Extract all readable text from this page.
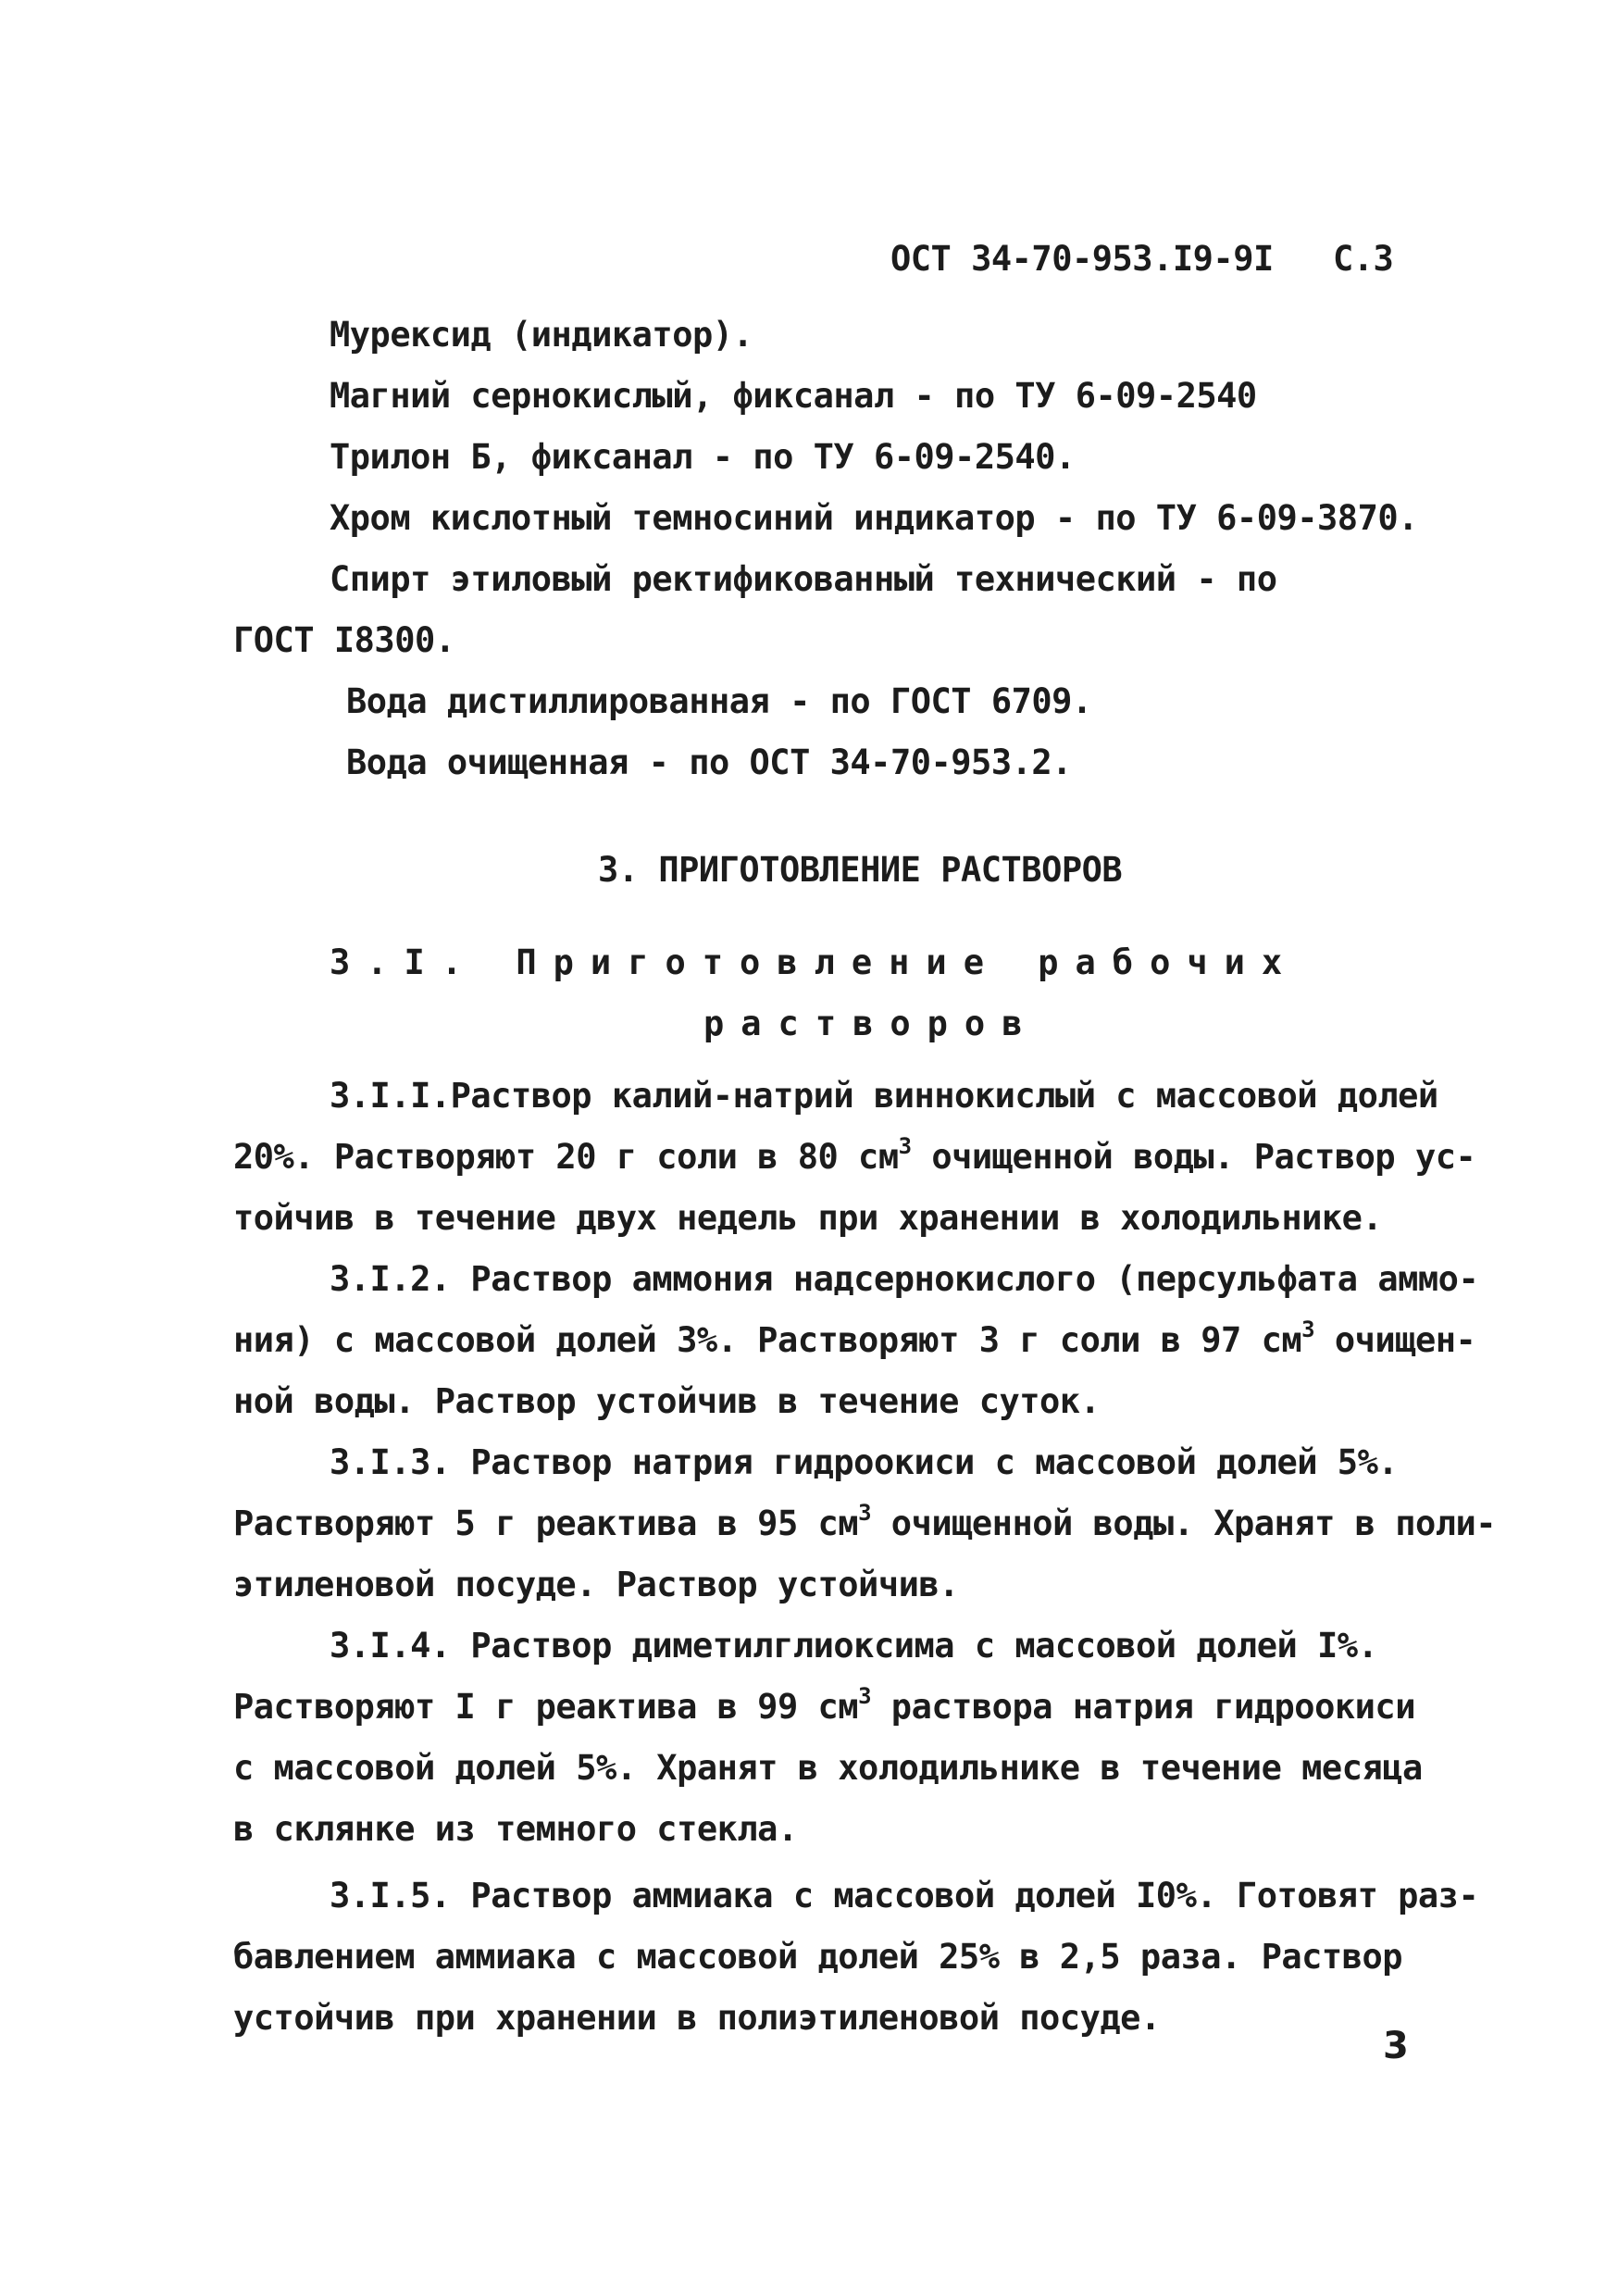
ОСТ 34-70-953.I9-9I С.3
Мурексид (индикатор).
Магний сернокислый, фиксанал - по ТУ 6-09-2540
Трилон Б, фиксанал - по ТУ 6-09-2540.
Хром кислотный темносиний индикатор - по ТУ 6-09-3870.
Спирт этиловый ректификованный технический - по
ГОСТ I8300.
Вода дистиллированная - по ГОСТ 6709.
Вода очищенная - по ОСТ 34-70-953.2.
3. ПРИГОТОВЛЕНИЕ РАСТВОРОВ
3.I. Приготовление рабочих
растворов
3.I.I.Раствор калий-натрий виннокислый с массовой долей
20%. Растворяют 20 г соли в 80 $см^3$ очищенной воды. Раствор ус-
тойчив в течение двух недель при хранении в холодильнике.
3.I.2. Раствор аммония надсернокислого (персульфата аммо-
ния) с массовой долей 3%. Растворяют 3 г соли в 97 $см^3$ очищен-
ной воды. Раствор устойчив в течение суток.
3.I.3. Раствор натрия гидроокиси с массовой долей 5%.
Растворяют 5 г реактива в 95 $см^3$ очищенной воды. Хранят в поли-
этиленовой посуде. Раствор устойчив.
3.I.4. Раствор диметилглиоксима с массовой долей I%.
Растворяют I г реактива в 99 $см^3$ раствора натрия гидроокиси
с массовой долей 5%. Хранят в холодильнике в течение месяца
в склянке из темного стекла.
3.I.5. Раствор аммиака с массовой долей I0%. Готовят раз-
бавлением аммиака с массовой долей 25% в 2,5 раза. Раствор
устойчив при хранении в полиэтиленовой посуде.
3
